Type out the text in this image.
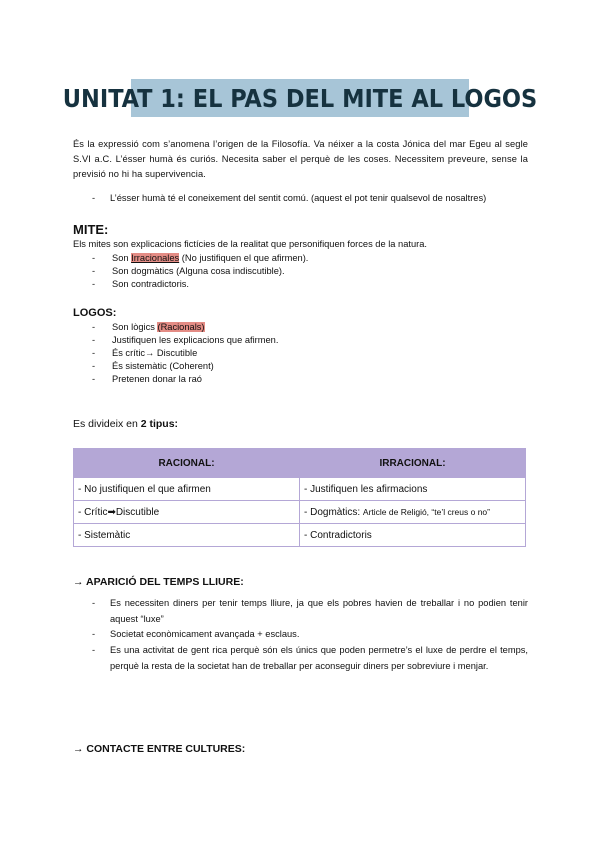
UNITAT 1: EL PAS DEL MITE AL LOGOS
És la expressió com s’anomena l’origen de la Filosofía. Va néixer a la costa Jónica del mar Egeu al segle S.VI a.C. L’ésser humà és curiós. Necesita saber el perquè de les coses. Necessitem preveure, sense la previsió no hi ha supervivencia.
- L’ésser humà té el coneixement del sentit comú. (aquest el pot tenir qualsevol de nosaltres)
MITE:
Els mites son explicacions fictícies de la realitat que personifiquen forces de la natura.
- Son Irracionales (No justifiquen el que afirmen).
- Son dogmàtics (Alguna cosa indiscutible).
- Son contradictoris.
LOGOS:
- Son lògics (Racionals)
- Justifiquen les explicacions que afirmen.
- És crític→ Discutible
- És sistemàtic (Coherent)
- Pretenen donar la raó
Es divideix en 2 tipus:
RACIONAL:	IRRACIONAL:
- No justifiquen el que afirmen	- Justifiquen les afirmacions
- Crític➡Discutible	- Dogmàtics: Article de Religió, “te’l creus o no”
- Sistemàtic	- Contradictoris
→ APARICIÓ DEL TEMPS LLIURE:
- Es necessiten diners per tenir temps lliure, ja que els pobres havien de treballar i no podien tenir aquest “luxe”
- Societat econòmicament avançada + esclaus.
- Es una activitat de gent rica perquè són els únics que poden permetre’s el luxe de perdre el temps, perquè la resta de la societat han de treballar per aconseguir diners per sobreviure i menjar.
→ CONTACTE ENTRE CULTURES:
